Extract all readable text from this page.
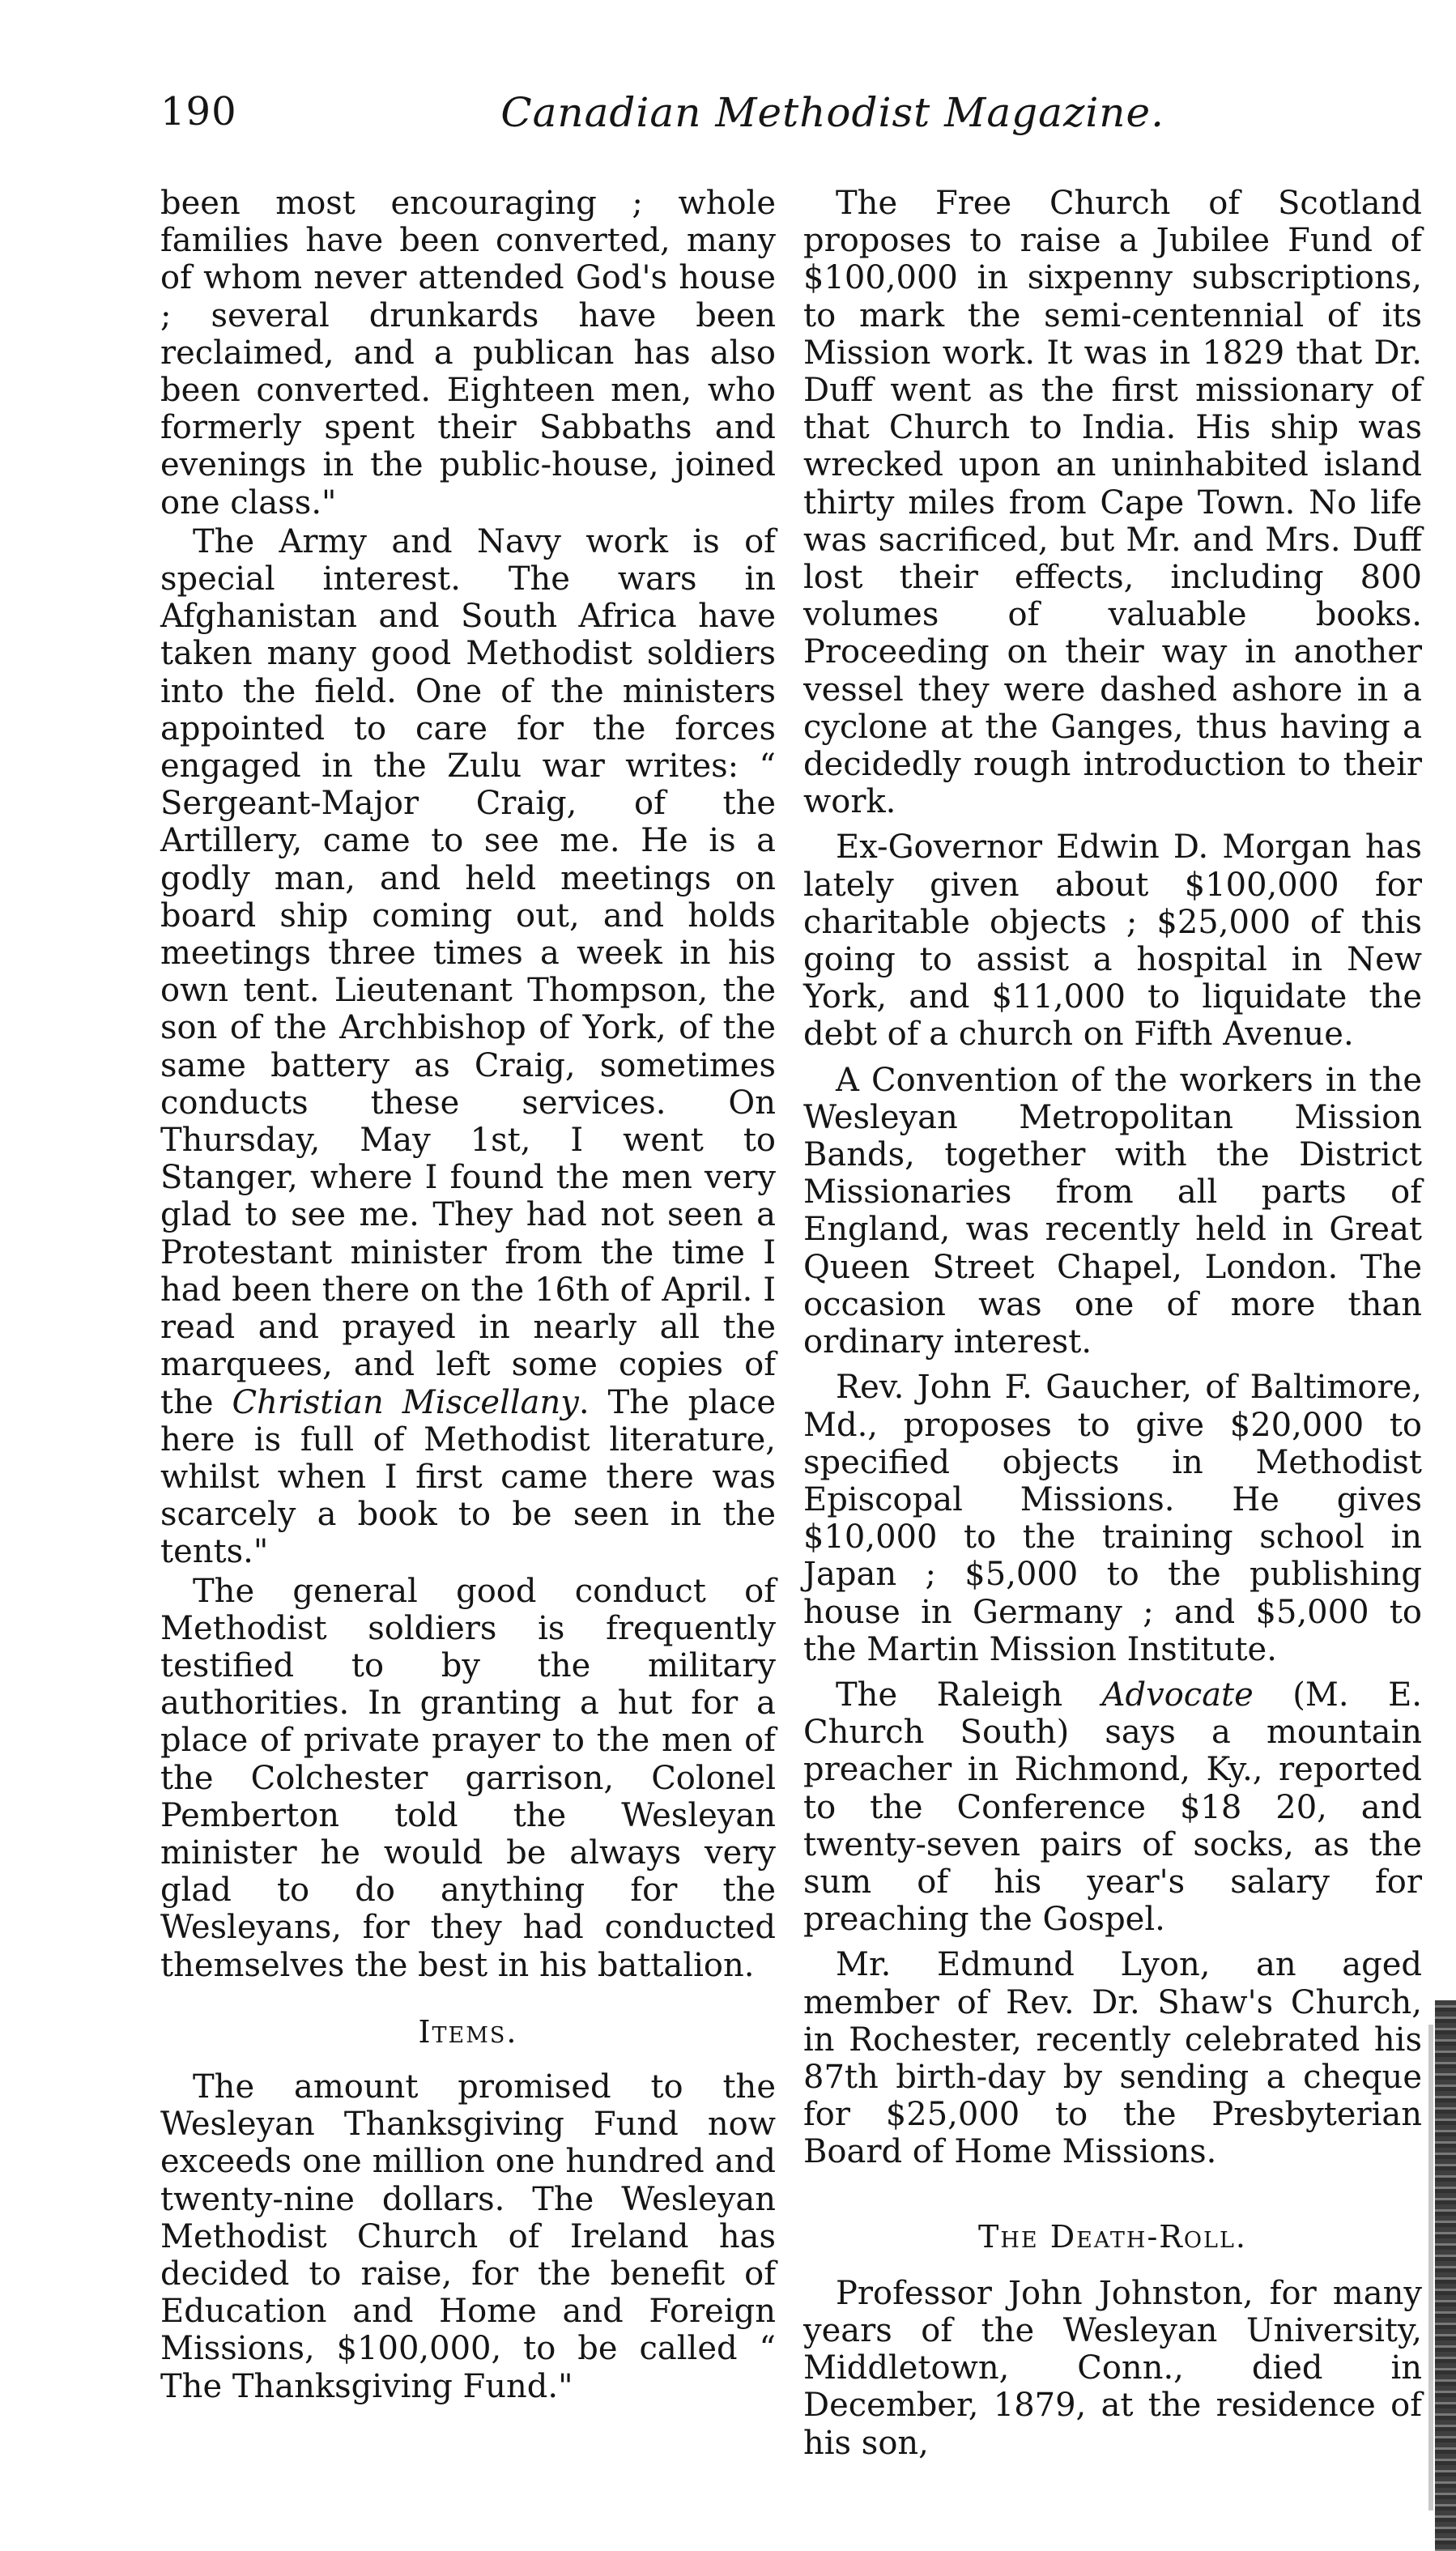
190	Canadian Methodist Magazine.

been most encouraging ; whole families have been converted, many of whom never attended God's house ; several drunkards have been reclaimed, and a publican has also been converted. Eighteen men, who formerly spent their Sabbaths and evenings in the public-house, joined one class."

The Army and Navy work is of special interest. The wars in Afghanistan and South Africa have taken many good Methodist soldiers into the field. One of the ministers appointed to care for the forces engaged in the Zulu war writes: “ Sergeant-Major Craig, of the Artillery, came to see me. He is a godly man, and held meetings on board ship coming out, and holds meetings three times a week in his own tent. Lieutenant Thompson, the son of the Archbishop of York, of the same battery as Craig, sometimes conducts these services. On Thursday, May 1st, I went to Stanger, where I found the men very glad to see me. They had not seen a Protestant minister from the time I had been there on the 16th of April. I read and prayed in nearly all the marquees, and left some copies of the Christian Miscellany. The place here is full of Methodist literature, whilst when I first came there was scarcely a book to be seen in the tents."

The general good conduct of Methodist soldiers is frequently testified to by the military authorities. In granting a hut for a place of private prayer to the men of the Colchester garrison, Colonel Pemberton told the Wesleyan minister he would be always very glad to do anything for the Wesleyans, for they had conducted themselves the best in his battalion.

Items.

The amount promised to the Wesleyan Thanksgiving Fund now exceeds one million one hundred and twenty-nine dollars. The Wesleyan Methodist Church of Ireland has decided to raise, for the benefit of Education and Home and Foreign Missions, $100,000, to be called “ The Thanksgiving Fund."

The Free Church of Scotland proposes to raise a Jubilee Fund of $100,000 in sixpenny subscriptions, to mark the semi-centennial of its Mission work. It was in 1829 that Dr. Duff went as the first missionary of that Church to India. His ship was wrecked upon an uninhabited island thirty miles from Cape Town. No life was sacrificed, but Mr. and Mrs. Duff lost their effects, including 800 volumes of valuable books. Proceeding on their way in another vessel they were dashed ashore in a cyclone at the Ganges, thus having a decidedly rough introduction to their work.

Ex-Governor Edwin D. Morgan has lately given about $100,000 for charitable objects ; $25,000 of this going to assist a hospital in New York, and $11,000 to liquidate the debt of a church on Fifth Avenue.

A Convention of the workers in the Wesleyan Metropolitan Mission Bands, together with the District Missionaries from all parts of England, was recently held in Great Queen Street Chapel, London. The occasion was one of more than ordinary interest.

Rev. John F. Gaucher, of Baltimore, Md., proposes to give $20,000 to specified objects in Methodist Episcopal Missions. He gives $10,000 to the training school in Japan ; $5,000 to the publishing house in Germany ; and $5,000 to the Martin Mission Institute.

The Raleigh Advocate (M. E. Church South) says a mountain preacher in Richmond, Ky., reported to the Conference $18 20, and twenty-seven pairs of socks, as the sum of his year's salary for preaching the Gospel.

Mr. Edmund Lyon, an aged member of Rev. Dr. Shaw's Church, in Rochester, recently celebrated his 87th birth-day by sending a cheque for $25,000 to the Presbyterian Board of Home Missions.

The Death-Roll.

Professor John Johnston, for many years of the Wesleyan University, Middletown, Conn., died in December, 1879, at the residence of his son,
